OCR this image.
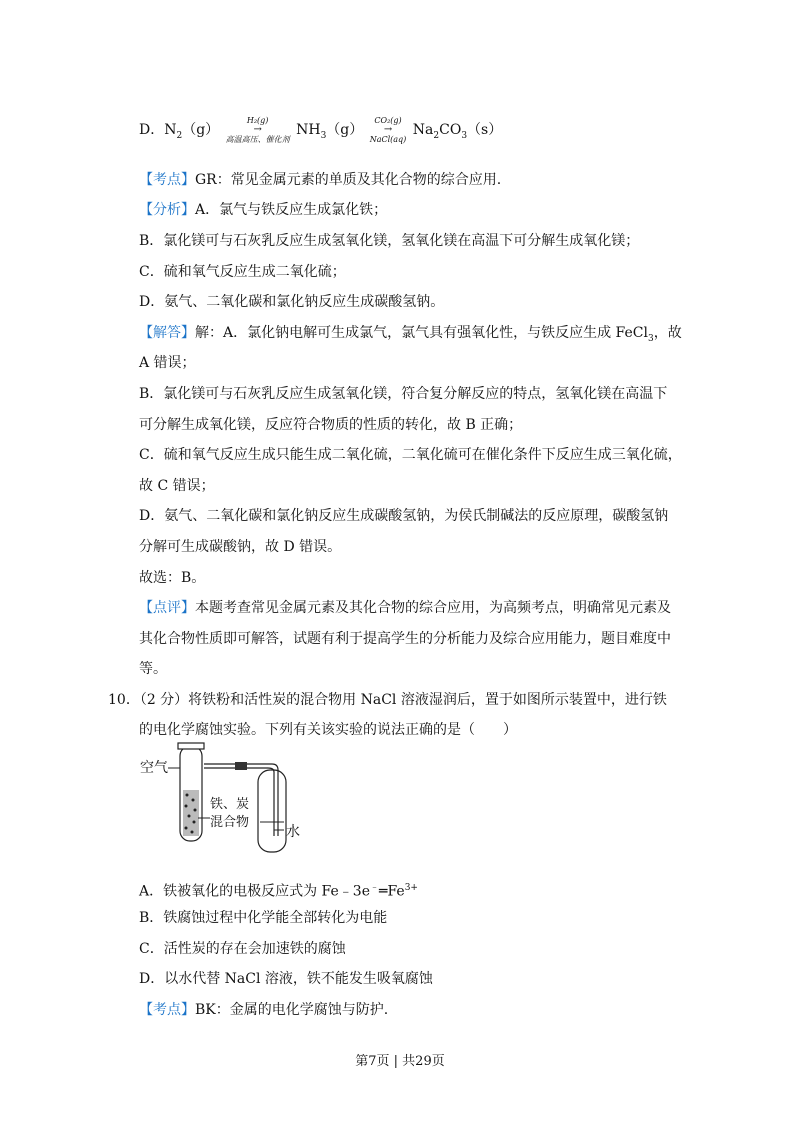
D．$N_2(g)$
H₂(g)
→
高温高压、催化剂
$NH_3(g)$
CO₂(g)
→
NaCl(aq)
$Na_2CO_3(s)$
【考点】GR：常见金属元素的单质及其化合物的综合应用.
【分析】A．氯气与铁反应生成氯化铁；
B．氯化镁可与石灰乳反应生成氢氧化镁，氢氧化镁在高温下可分解生成氧化镁；
C．硫和氧气反应生成二氧化硫；
D．氨气、二氧化碳和氯化钠反应生成碳酸氢钠。
【解答】解：A．氯化钠电解可生成氯气，氯气具有强氧化性，与铁反应生成 FeCl$_3$，故
A 错误；
B．氯化镁可与石灰乳反应生成氢氧化镁，符合复分解反应的特点，氢氧化镁在高温下
可分解生成氧化镁，反应符合物质的性质的转化，故 B 正确；
C．硫和氧气反应生成只能生成二氧化硫，二氧化硫可在催化条件下反应生成三氧化硫，
故 C 错误；
D．氨气、二氧化碳和氯化钠反应生成碳酸氢钠，为侯氏制碱法的反应原理，碳酸氢钠
分解可生成碳酸钠，故 D 错误。
故选：B。
【点评】本题考查常见金属元素及其化合物的综合应用，为高频考点，明确常见元素及
其化合物性质即可解答，试题有利于提高学生的分析能力及综合应用能力，题目难度中
等。
10．（2 分）将铁粉和活性炭的混合物用 NaCl 溶液湿润后，置于如图所示装置中，进行铁
的电化学腐蚀实验。下列有关该实验的说法正确的是（　　）
空气
铁、炭
混合物
水
A．铁被氧化的电极反应式为 $Fe﹣3e^﹣═Fe^{3+}$
B．铁腐蚀过程中化学能全部转化为电能
C．活性炭的存在会加速铁的腐蚀
D．以水代替 NaCl 溶液，铁不能发生吸氧腐蚀
【考点】BK：金属的电化学腐蚀与防护.
第7页 | 共29页
